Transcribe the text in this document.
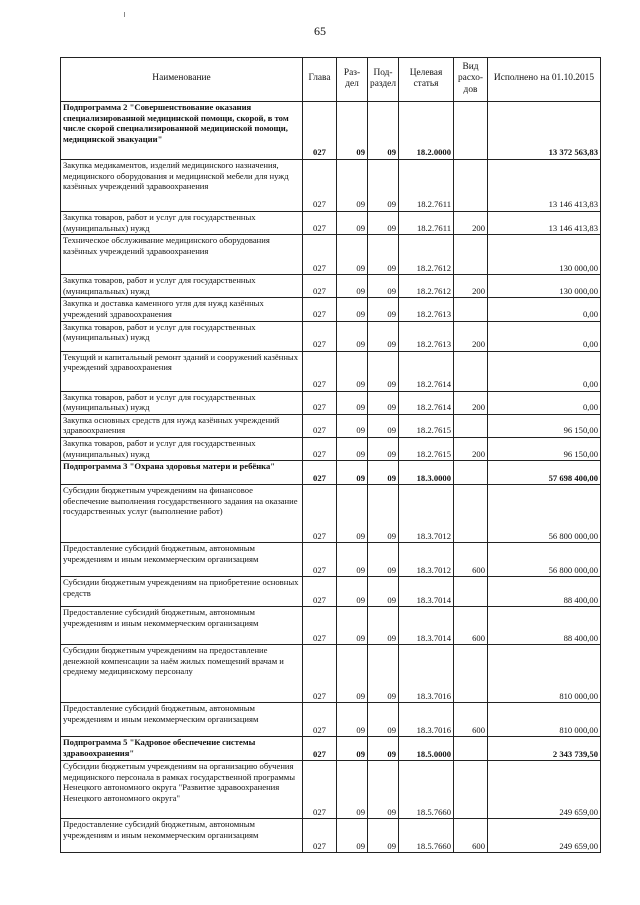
65
Наименование	Глава	Раз-дел	Под-раздел	Целевая статья	Вид расхо-дов	Исполнено на 01.10.2015
Подпрограмма 2 "Совершенствование оказания специализированной медицинской помощи, скорой, в том числе скорой специализированной медицинской помощи, медицинской эвакуации"	027	09	09	18.2.0000		13 372 563,83
Закупка медикаментов, изделий медицинского назначения, медицинского оборудования и медицинской мебели для нужд казённых учреждений здравоохранения	027	09	09	18.2.7611		13 146 413,83
Закупка товаров, работ и услуг для государственных (муниципальных) нужд	027	09	09	18.2.7611	200	13 146 413,83
Техническое обслуживание медицинского оборудования казённых учреждений здравоохранения	027	09	09	18.2.7612		130 000,00
Закупка товаров, работ и услуг для государственных (муниципальных) нужд	027	09	09	18.2.7612	200	130 000,00
Закупка и доставка каменного угля для нужд казённых учреждений здравоохранения	027	09	09	18.2.7613		0,00
Закупка товаров, работ и услуг для государственных (муниципальных) нужд	027	09	09	18.2.7613	200	0,00
Текущий и капитальный ремонт зданий и сооружений казённых учреждений здравоохранения	027	09	09	18.2.7614		0,00
Закупка товаров, работ и услуг для государственных (муниципальных) нужд	027	09	09	18.2.7614	200	0,00
Закупка основных средств для нужд казённых учреждений здравоохранения	027	09	09	18.2.7615		96 150,00
Закупка товаров, работ и услуг для государственных (муниципальных) нужд	027	09	09	18.2.7615	200	96 150,00
Подпрограмма 3 "Охрана здоровья матери и ребёнка"	027	09	09	18.3.0000		57 698 400,00
Субсидии бюджетным учреждениям на финансовое обеспечение выполнения государственного задания на оказание государственных услуг (выполнение работ)	027	09	09	18.3.7012		56 800 000,00
Предоставление субсидий бюджетным, автономным учреждениям и иным некоммерческим организациям	027	09	09	18.3.7012	600	56 800 000,00
Субсидии бюджетным учреждениям на приобретение основных средств	027	09	09	18.3.7014		88 400,00
Предоставление субсидий бюджетным, автономным учреждениям и иным некоммерческим организациям	027	09	09	18.3.7014	600	88 400,00
Субсидии бюджетным учреждениям на предоставление денежной компенсации за наём жилых помещений врачам и среднему медицинскому персоналу	027	09	09	18.3.7016		810 000,00
Предоставление субсидий бюджетным, автономным учреждениям и иным некоммерческим организациям	027	09	09	18.3.7016	600	810 000,00
Подпрограмма 5 "Кадровое обеспечение системы здравоохранения"	027	09	09	18.5.0000		2 343 739,50
Субсидии бюджетным учреждениям на организацию обучения медицинского персонала в рамках государственной программы Ненецкого автономного округа "Развитие здравоохранения Ненецкого автономного округа"	027	09	09	18.5.7660		249 659,00
Предоставление субсидий бюджетным, автономным учреждениям и иным некоммерческим организациям	027	09	09	18.5.7660	600	249 659,00
